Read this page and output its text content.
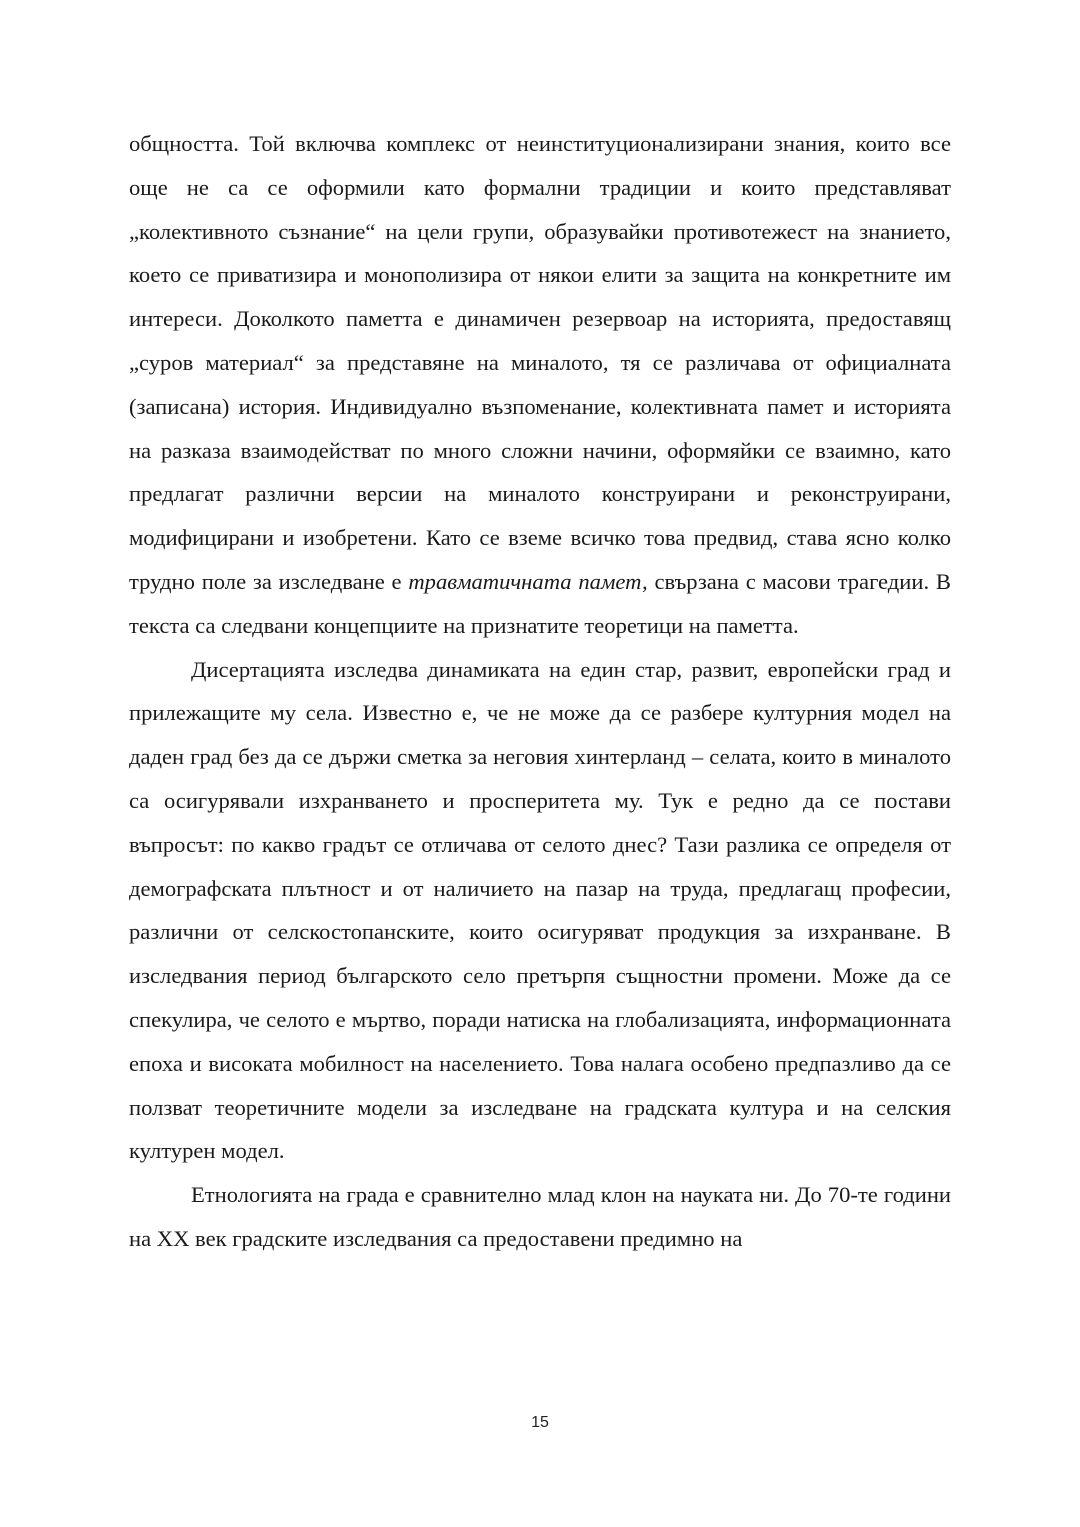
общността. Той включва комплекс от неинституционализирани знания, които все още не са се оформили като формални традиции и които представляват „колективното съзнание“ на цели групи, образувайки противотежест на знанието, което се приватизира и монополизира от някои елити за защита на конкретните им интереси. Доколкото паметта е динамичен резервоар на историята, предоставящ „суров материал“ за представяне на миналото, тя се различава от официалната (записана) история. Индивидуално възпоменание, колективната памет и историята на разказа взаимодействат по много сложни начини, оформяйки се взаимно, като предлагат различни версии на миналото конструирани и реконструирани, модифицирани и изобретени. Като се вземе всичко това предвид, става ясно колко трудно поле за изследване е травматичната памет, свързана с масови трагедии. В текста са следвани концепциите на признатите теоретици на паметта.

Дисертацията изследва динамиката на един стар, развит, европейски град и прилежащите му села. Известно е, че не може да се разбере културния модел на даден град без да се държи сметка за неговия хинтерланд – селата, които в миналото са осигурявали изхранването и просперитета му. Тук е редно да се постави въпросът: по какво градът се отличава от селото днес? Тази разлика се определя от демографската плътност и от наличието на пазар на труда, предлагащ професии, различни от селскостопанските, които осигуряват продукция за изхранване. В изследвания период българското село претърпя същностни промени. Може да се спекулира, че селото е мъртво, поради натиска на глобализацията, информационната епоха и високата мобилност на населението. Това налага особено предпазливо да се ползват теоретичните модели за изследване на градската култура и на селския културен модел.

Етнологията на града е сравнително млад клон на науката ни. До 70-те години на XX век градските изследвания са предоставени предимно на

15
